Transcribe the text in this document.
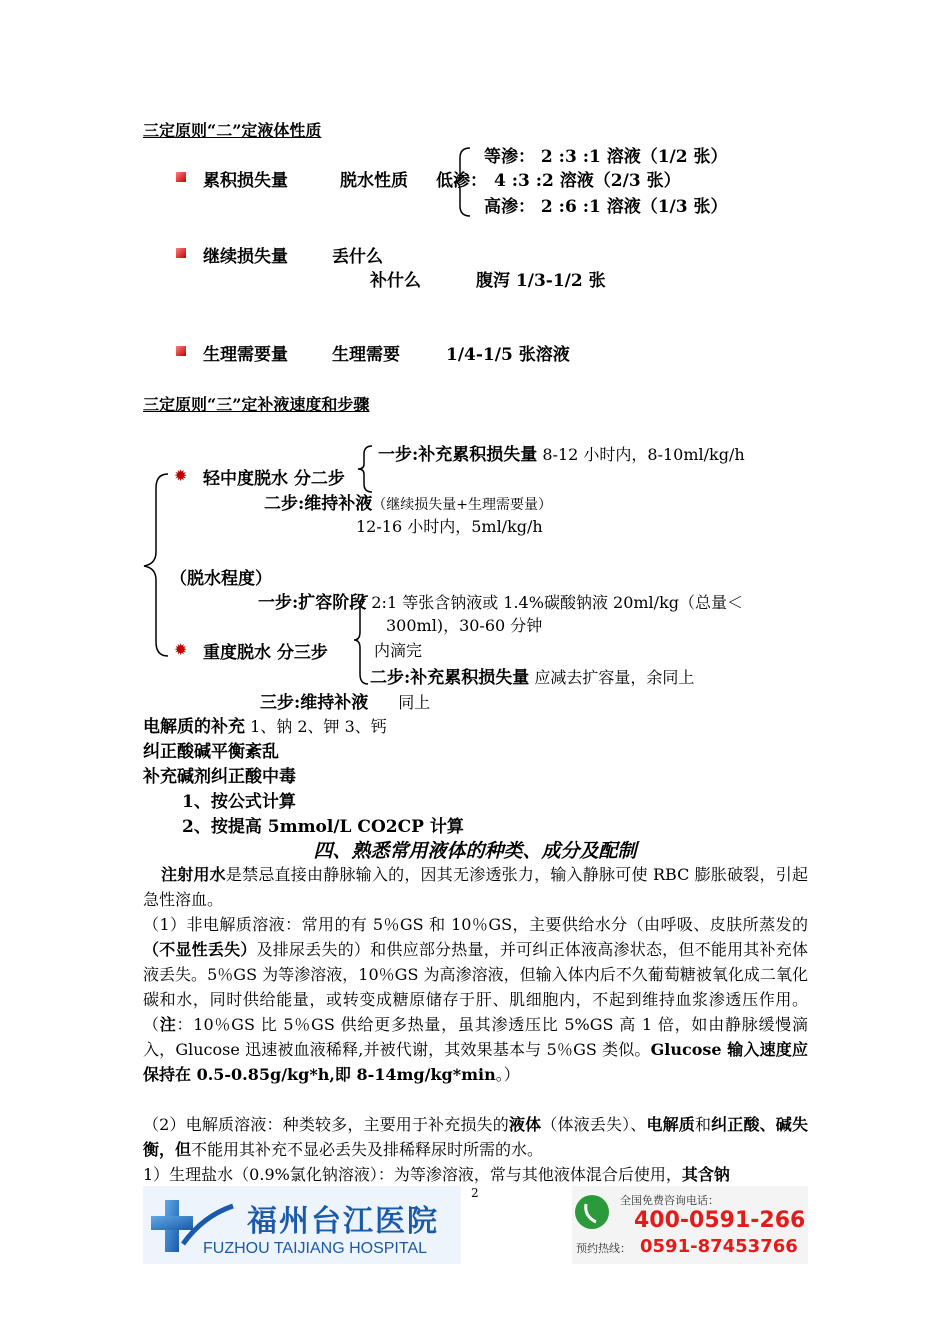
三定原则“二”定液体性质
等渗： 2 :3 :1 溶液（1/2 张）
累积损失量	脱水性质 低渗： 4 :3 :2 溶液（2/3 张）
高渗： 2 :6 :1 溶液（1/3 张）
继续损失量	丢什么
补什么	腹泻 1/3-1/2 张
生理需要量	生理需要	1/4-1/5 张溶液
三定原则“三”定补液速度和步骤
一步:补充累积损失量 8-12 小时内，8-10ml/kg/h
✹ 轻中度脱水 分二步
二步:维持补液（继续损失量+生理需要量）
12-16 小时内，5ml/kg/h
（脱水程度）
一步:扩容阶段 2:1 等张含钠液或 1.4%碳酸钠液 20ml/kg（总量＜
300ml)，30-60 分钟
✹ 重度脱水 分三步	内滴完
二步:补充累积损失量 应减去扩容量，余同上
三步:维持补液 同上
电解质的补充 1、钠 2、钾 3、钙
纠正酸碱平衡紊乱
补充碱剂纠正酸中毒
1、按公式计算
2、按提高 5mmol/L CO2CP 计算
四、熟悉常用液体的种类、成分及配制
注射用水是禁忌直接由静脉输入的，因其无渗透张力，输入静脉可使 RBC 膨胀破裂，引起急性溶血。
（1）非电解质溶液：常用的有 5％GS 和 10％GS，主要供给水分（由呼吸、皮肤所蒸发的（不显性丢失）及排尿丢失的）和供应部分热量，并可纠正体液高渗状态，但不能用其补充体液丢失。5％GS 为等渗溶液，10％GS 为高渗溶液，但输入体内后不久葡萄糖被氧化成二氧化碳和水，同时供给能量，或转变成糖原储存于肝、肌细胞内，不起到维持血浆渗透压作用。（注：10％GS 比 5％GS 供给更多热量，虽其渗透压比 5%GS 高 1 倍，如由静脉缓慢滴入，Glucose 迅速被血液稀释,并被代谢，其效果基本与 5％GS 类似。Glucose 输入速度应保持在 0.5-0.85g/kg*h,即 8-14mg/kg*min。）
（2）电解质溶液：种类较多，主要用于补充损失的液体（体液丢失）、电解质和纠正酸、碱失衡，但不能用其补充不显必丢失及排稀释尿时所需的水。
1）生理盐水（0.9%氯化钠溶液）：为等渗溶液，常与其他液体混合后使用，其含钠
2
福州台江医院
FUZHOU TAIJIANG HOSPITAL
全国免费咨询电话：
400-0591-266
预约热线： 0591-87453766
